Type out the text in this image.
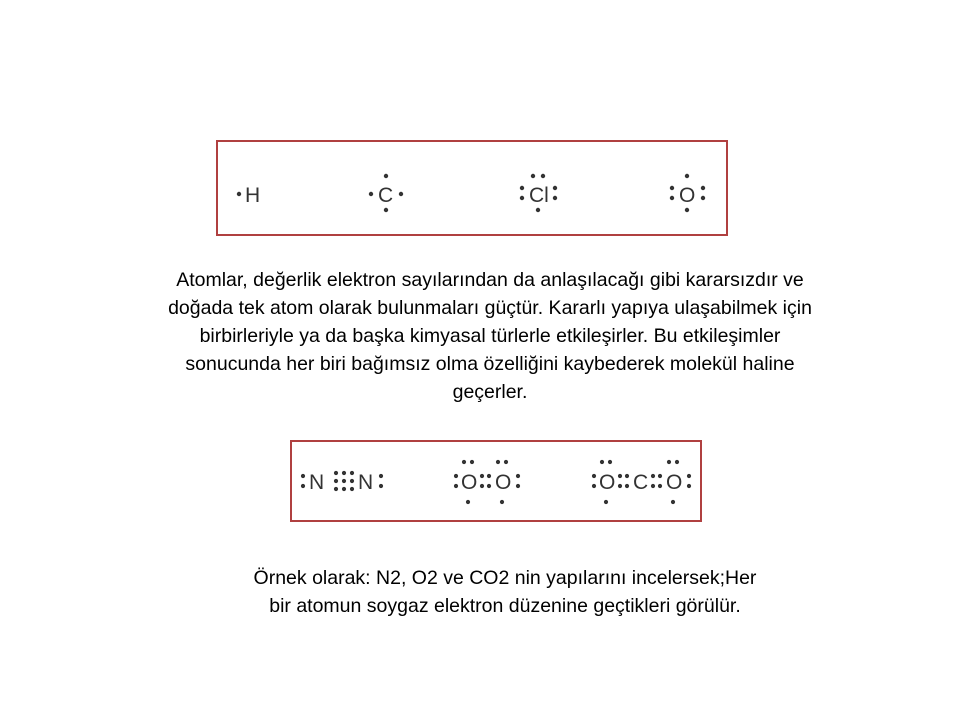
H	C	Cl	O
Atomlar, değerlik elektron sayılarından da anlaşılacağı gibi kararsızdır ve
doğada tek atom olarak bulunmaları güçtür. Kararlı yapıya ulaşabilmek için
birbirleriyle ya da başka kimyasal türlerle etkileşirler. Bu etkileşimler
sonucunda her biri bağımsız olma özelliğini kaybederek molekül haline
geçerler.
N N	O O	O C O
Örnek olarak: N2, O2 ve CO2 nin yapılarını incelersek;Her
bir atomun soygaz elektron düzenine geçtikleri görülür.
